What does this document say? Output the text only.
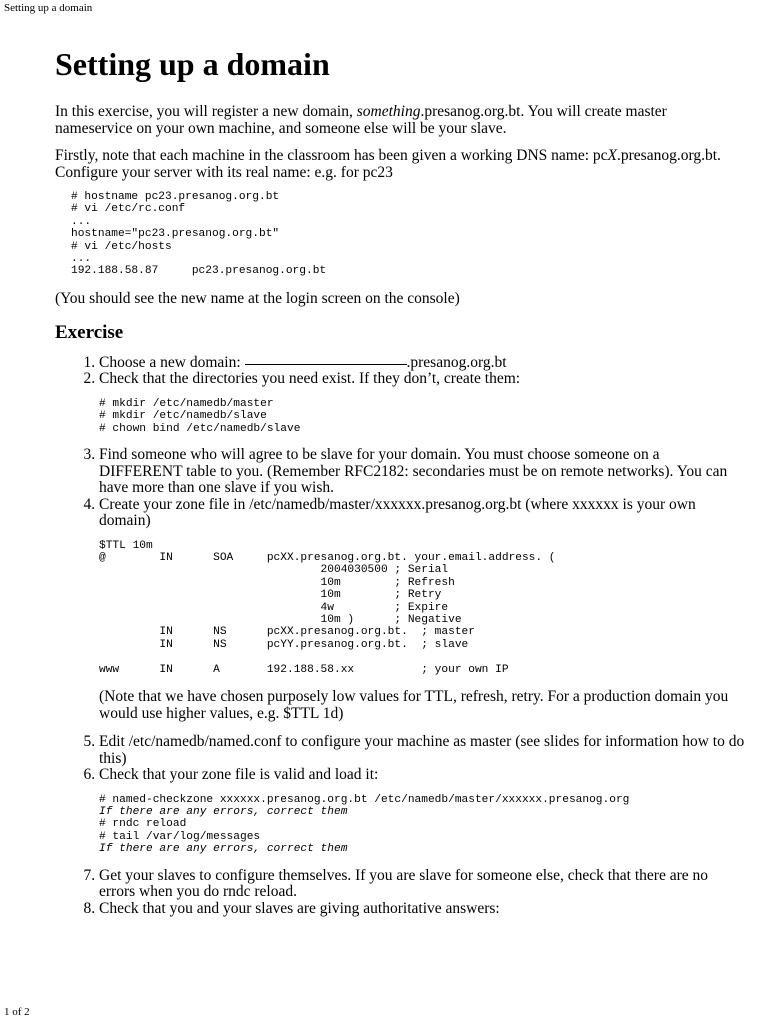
Setting up a domain
Setting up a domain

In this exercise, you will register a new domain, something.presanog.org.bt. You will create master nameservice on your own machine, and someone else will be your slave.

Firstly, note that each machine in the classroom has been given a working DNS name: pcX.presanog.org.bt. Configure your server with its real name: e.g. for pc23

# hostname pc23.presanog.org.bt
# vi /etc/rc.conf
...
hostname="pc23.presanog.org.bt"
# vi /etc/hosts
...
192.188.58.87     pc23.presanog.org.bt

(You should see the new name at the login screen on the console)

Exercise
1. Choose a new domain:	.presanog.org.bt
2. Check that the directories you need exist. If they don’t, create them:
# mkdir /etc/namedb/master
# mkdir /etc/namedb/slave
# chown bind /etc/namedb/slave
3. Find someone who will agree to be slave for your domain. You must choose someone on a DIFFERENT table to you. (Remember RFC2182: secondaries must be on remote networks). You can have more than one slave if you wish.
4. Create your zone file in /etc/namedb/master/xxxxxx.presanog.org.bt (where xxxxxx is your own domain)
$TTL 10m
@        IN      SOA     pcXX.presanog.org.bt. your.email.address. (
2004030500 ; Serial
10m        ; Refresh
10m        ; Retry
4w         ; Expire
10m )      ; Negative
IN      NS      pcXX.presanog.org.bt.  ; master
IN      NS      pcYY.presanog.org.bt.  ; slave

www      IN      A       192.188.58.xx          ; your own IP

(Note that we have chosen purposely low values for TTL, refresh, retry. For a production domain you would use higher values, e.g. $TTL 1d)

5. Edit /etc/namedb/named.conf to configure your machine as master (see slides for information how to do this)
6. Check that your zone file is valid and load it:
# named-checkzone xxxxxx.presanog.org.bt /etc/namedb/master/xxxxxx.presanog.org
If there are any errors, correct them
# rndc reload
# tail /var/log/messages
If there are any errors, correct them
7. Get your slaves to configure themselves. If you are slave for someone else, check that there are no errors when you do rndc reload.
8. Check that you and your slaves are giving authoritative answers:
1 of 2
